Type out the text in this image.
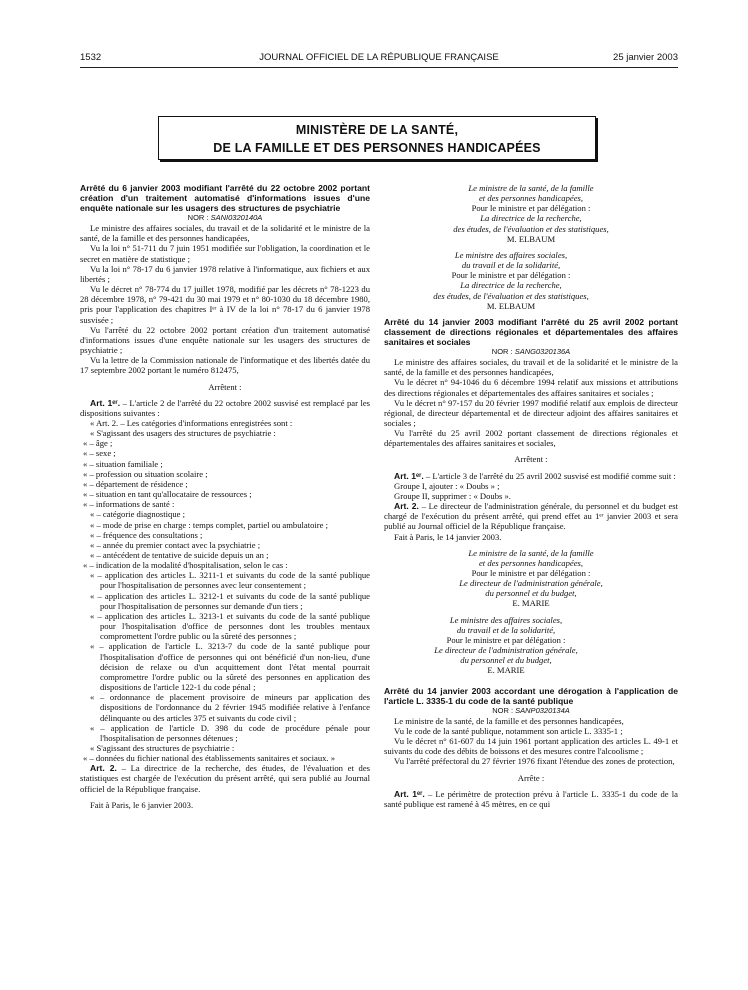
1532	JOURNAL OFFICIEL DE LA RÉPUBLIQUE FRANÇAISE	25 janvier 2003
MINISTÈRE DE LA SANTÉ,
DE LA FAMILLE ET DES PERSONNES HANDICAPÉES

Arrêté du 6 janvier 2003 modifiant l'arrêté du 22 octobre 2002 portant création d'un traitement automatisé d'informations issues d'une enquête nationale sur les usagers des structures de psychiatrie

NOR : SANI0320140A

Le ministre des affaires sociales, du travail et de la solidarité et le ministre de la santé, de la famille et des personnes handicapées,

Vu la loi n° 51-711 du 7 juin 1951 modifiée sur l'obligation, la coordination et le secret en matière de statistique ;

Vu la loi n° 78-17 du 6 janvier 1978 relative à l'informatique, aux fichiers et aux libertés ;

Vu le décret n° 78-774 du 17 juillet 1978, modifié par les décrets n° 78-1223 du 28 décembre 1978, n° 79-421 du 30 mai 1979 et n° 80-1030 du 18 décembre 1980, pris pour l'application des chapitres Iᵉʳ à IV de la loi n° 78-17 du 6 janvier 1978 susvisée ;

Vu l'arrêté du 22 octobre 2002 portant création d'un traitement automatisé d'informations issues d'une enquête nationale sur les usagers des structures de psychiatrie ;

Vu la lettre de la Commission nationale de l'informatique et des libertés datée du 17 septembre 2002 portant le numéro 812475,

Arrêtent :

Art. 1ᵉʳ. – L'article 2 de l'arrêté du 22 octobre 2002 susvisé est remplacé par les dispositions suivantes :

« Art. 2. – Les catégories d'informations enregistrées sont :

« S'agissant des usagers des structures de psychiatrie :

« – âge ;

« – sexe ;

« – situation familiale ;

« – profession ou situation scolaire ;

« – département de résidence ;

« – situation en tant qu'allocataire de ressources ;

« – informations de santé :

« – catégorie diagnostique ;

« – mode de prise en charge : temps complet, partiel ou ambulatoire ;

« – fréquence des consultations ;

« – année du premier contact avec la psychiatrie ;

« – antécédent de tentative de suicide depuis un an ;

« – indication de la modalité d'hospitalisation, selon le cas :

« – application des articles L. 3211-1 et suivants du code de la santé publique pour l'hospitalisation de personnes avec leur consentement ;

« – application des articles L. 3212-1 et suivants du code de la santé publique pour l'hospitalisation de personnes sur demande d'un tiers ;

« – application des articles L. 3213-1 et suivants du code de la santé publique pour l'hospitalisation d'office de personnes dont les troubles mentaux compromettent l'ordre public ou la sûreté des personnes ;

« – application de l'article L. 3213-7 du code de la santé publique pour l'hospitalisation d'office de personnes qui ont bénéficié d'un non-lieu, d'une décision de relaxe ou d'un acquittement dont l'état mental pourrait compromettre l'ordre public ou la sûreté des personnes en application des dispositions de l'article 122-1 du code pénal ;

« – ordonnance de placement provisoire de mineurs par application des dispositions de l'ordonnance du 2 février 1945 modifiée relative à l'enfance délinquante ou des articles 375 et suivants du code civil ;

« – application de l'article D. 398 du code de procédure pénale pour l'hospitalisation de personnes détenues ;

« S'agissant des structures de psychiatrie :

« – données du fichier national des établissements sanitaires et sociaux. »

Art. 2. – La directrice de la recherche, des études, de l'évaluation et des statistiques est chargée de l'exécution du présent arrêté, qui sera publié au Journal officiel de la République française.

Fait à Paris, le 6 janvier 2003.

Le ministre de la santé, de la famille

et des personnes handicapées,

Pour le ministre et par délégation :

La directrice de la recherche,

des études, de l'évaluation et des statistiques,

M. ELBAUM

Le ministre des affaires sociales,

du travail et de la solidarité,

Pour le ministre et par délégation :

La directrice de la recherche,

des études, de l'évaluation et des statistiques,

M. ELBAUM

Arrêté du 14 janvier 2003 modifiant l'arrêté du 25 avril 2002 portant classement de directions régionales et départementales des affaires sanitaires et sociales

NOR : SANG0320136A

Le ministre des affaires sociales, du travail et de la solidarité et le ministre de la santé, de la famille et des personnes handicapées,

Vu le décret n° 94-1046 du 6 décembre 1994 relatif aux missions et attributions des directions régionales et départementales des affaires sanitaires et sociales ;

Vu le décret n° 97-157 du 20 février 1997 modifié relatif aux emplois de directeur régional, de directeur départemental et de directeur adjoint des affaires sanitaires et sociales ;

Vu l'arrêté du 25 avril 2002 portant classement de directions régionales et départementales des affaires sanitaires et sociales,

Arrêtent :

Art. 1ᵉʳ. – L'article 3 de l'arrêté du 25 avril 2002 susvisé est modifié comme suit :

Groupe I, ajouter : « Doubs » ;

Groupe II, supprimer : « Doubs ».

Art. 2. – Le directeur de l'administration générale, du personnel et du budget est chargé de l'exécution du présent arrêté, qui prend effet au 1ᵉʳ janvier 2003 et sera publié au Journal officiel de la République française.

Fait à Paris, le 14 janvier 2003.

Le ministre de la santé, de la famille

et des personnes handicapées,

Pour le ministre et par délégation :

Le directeur de l'administration générale,

du personnel et du budget,

E. MARIE

Le ministre des affaires sociales,

du travail et de la solidarité,

Pour le ministre et par délégation :

Le directeur de l'administration générale,

du personnel et du budget,

E. MARIE

Arrêté du 14 janvier 2003 accordant une dérogation à l'application de l'article L. 3335-1 du code de la santé publique

NOR : SANP0320134A

Le ministre de la santé, de la famille et des personnes handicapées,

Vu le code de la santé publique, notamment son article L. 3335-1 ;

Vu le décret n° 61-607 du 14 juin 1961 portant application des articles L. 49-1 et suivants du code des débits de boissons et des mesures contre l'alcoolisme ;

Vu l'arrêté préfectoral du 27 février 1976 fixant l'étendue des zones de protection,

Arrête :

Art. 1ᵉʳ. – Le périmètre de protection prévu à l'article L. 3335-1 du code de la santé publique est ramené à 45 mètres, en ce qui
